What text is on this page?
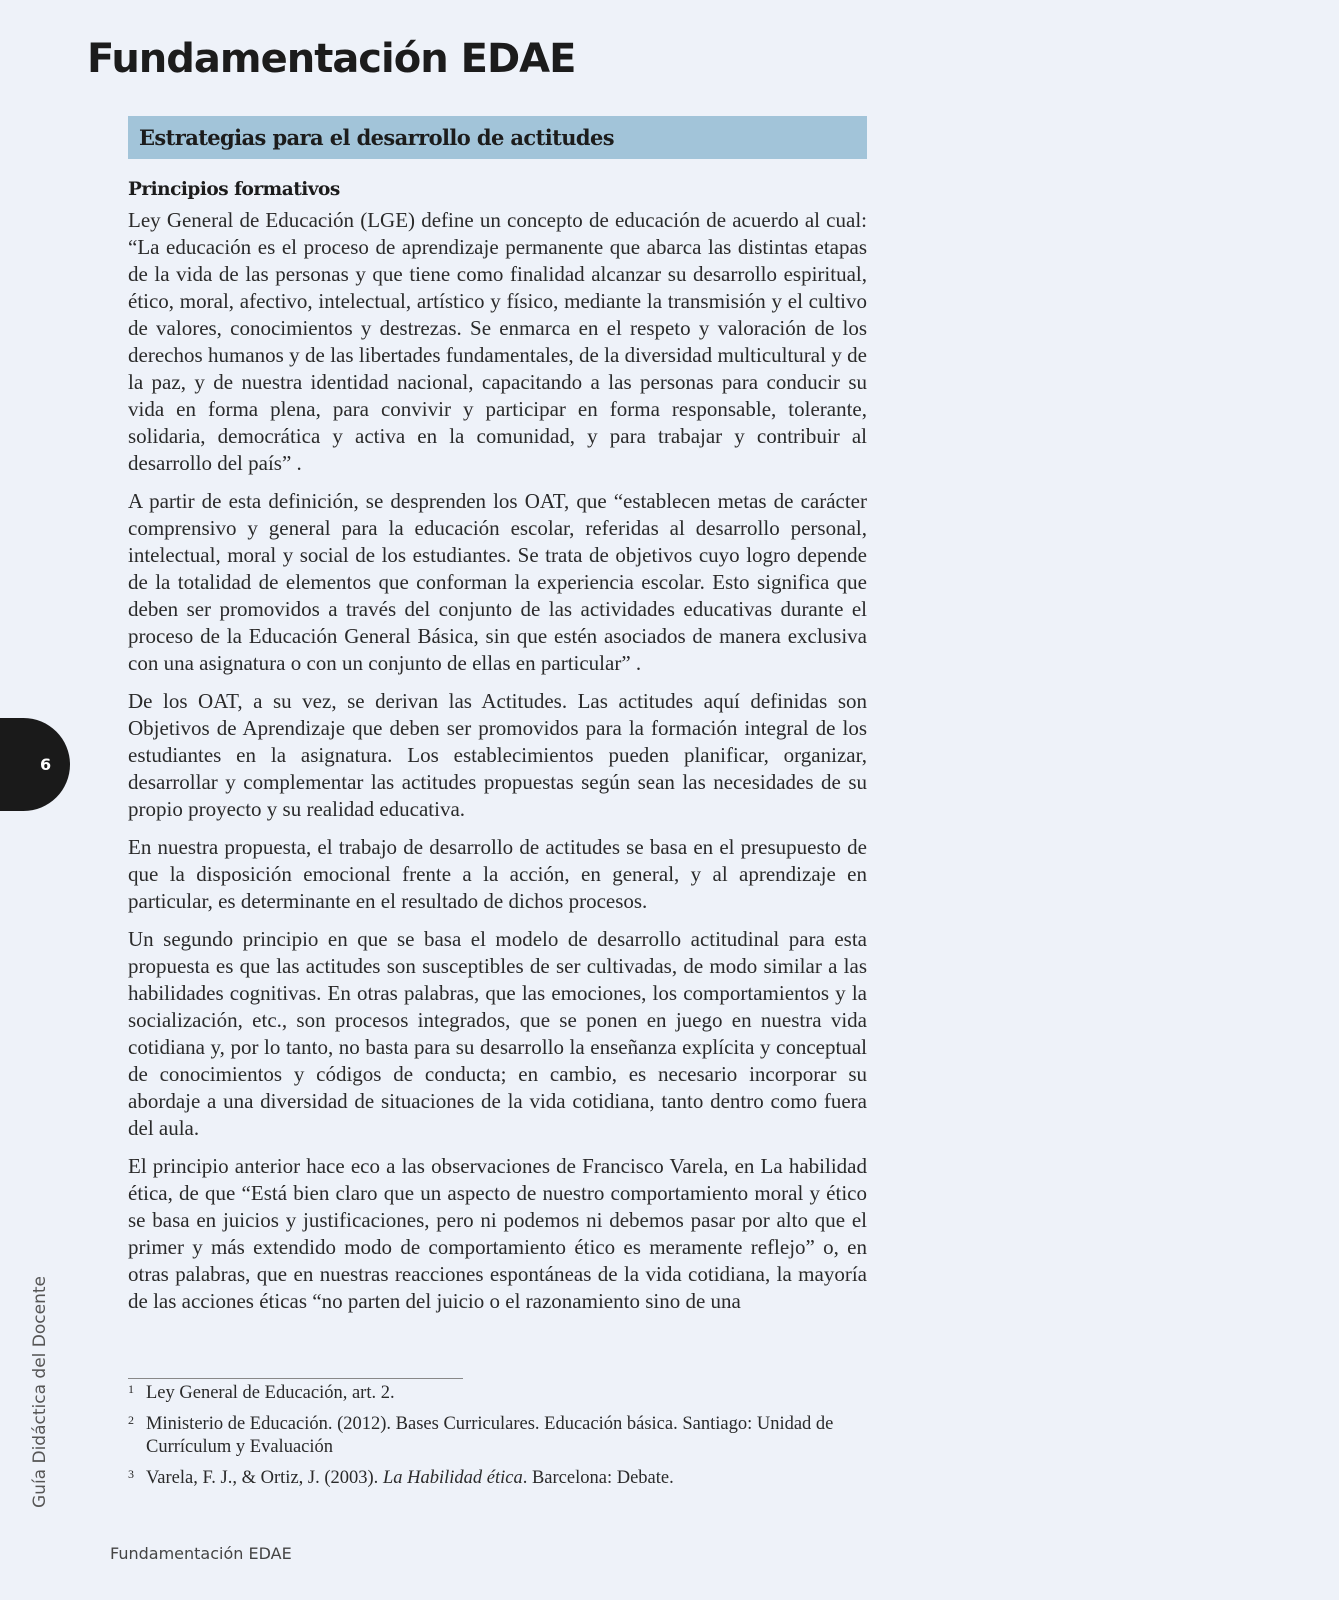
Fundamentación EDAE
Estrategias para el desarrollo de actitudes
Principios formativos

Ley General de Educación (LGE) define un concepto de educación de acuerdo al cual: “La educación es el proceso de aprendizaje permanente que abarca las distintas etapas de la vida de las personas y que tiene como finalidad alcanzar su desarrollo espiritual, ético, moral, afectivo, intelectual, artístico y físico, mediante la transmisión y el cultivo de valores, conocimientos y destrezas. Se enmarca en el respeto y valoración de los derechos humanos y de las libertades fundamentales, de la diversidad multicultural y de la paz, y de nuestra identidad nacional, capacitando a las personas para conducir su vida en forma plena, para convivir y participar en forma responsable, tolerante, solidaria, democrática y activa en la comunidad, y para trabajar y contribuir al desarrollo del país” .

A partir de esta definición, se desprenden los OAT, que “establecen metas de carácter comprensivo y general para la educación escolar, referidas al desarrollo personal, intelectual, moral y social de los estudiantes. Se trata de objetivos cuyo logro depende de la totalidad de elementos que conforman la experiencia escolar. Esto significa que deben ser promovidos a través del conjunto de las actividades educativas durante el proceso de la Educación General Básica, sin que estén asociados de manera exclusiva con una asignatura o con un conjunto de ellas en particular” .

De los OAT, a su vez, se derivan las Actitudes. Las actitudes aquí definidas son Objetivos de Aprendizaje que deben ser promovidos para la formación integral de los estudiantes en la asignatura. Los establecimientos pueden planificar, organizar, desarrollar y complementar las actitudes propuestas según sean las necesidades de su propio proyecto y su realidad educativa.

En nuestra propuesta, el trabajo de desarrollo de actitudes se basa en el presupuesto de que la disposición emocional frente a la acción, en general, y al aprendizaje en particular, es determinante en el resultado de dichos procesos.

Un segundo principio en que se basa el modelo de desarrollo actitudinal para esta propuesta es que las actitudes son susceptibles de ser cultivadas, de modo similar a las habilidades cognitivas. En otras palabras, que las emociones, los comportamientos y la socialización, etc., son procesos integrados, que se ponen en juego en nuestra vida cotidiana y, por lo tanto, no basta para su desarrollo la enseñanza explícita y conceptual de conocimientos y códigos de conducta; en cambio, es necesario incorporar su abordaje a una diversidad de situaciones de la vida cotidiana, tanto dentro como fuera del aula.

El principio anterior hace eco a las observaciones de Francisco Varela, en La habilidad ética, de que “Está bien claro que un aspecto de nuestro comportamiento moral y ético se basa en juicios y justificaciones, pero ni podemos ni debemos pasar por alto que el primer y más extendido modo de comportamiento ético es meramente reflejo” o, en otras palabras, que en nuestras reacciones espontáneas de la vida cotidiana, la mayoría de las acciones éticas “no parten del juicio o el razonamiento sino de una

1 Ley General de Educación, art. 2.
2 Ministerio de Educación. (2012). Bases Curriculares. Educación básica. Santiago: Unidad de Currículum y Evaluación
3 Varela, F. J., & Ortiz, J. (2003). La Habilidad ética. Barcelona: Debate.
6
Guía Didáctica del Docente
Fundamentación EDAE
